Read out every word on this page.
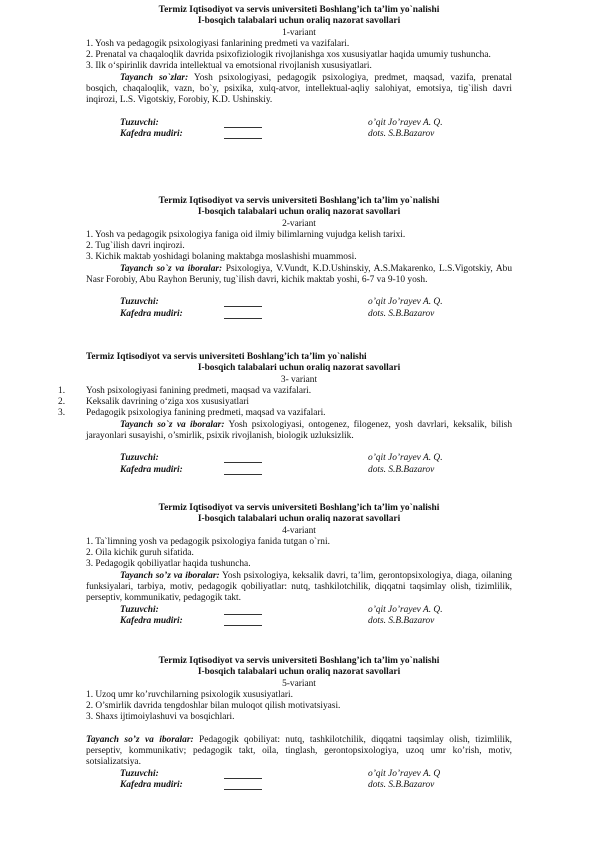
Termiz Iqtisodiyot va servis universiteti Boshlang’ich ta’lim yo`nalishi
I-bosqich talabalari uchun oraliq nazorat savollari
1-variant
1. Yosh va pedagogik psixologiyasi fanlarining predmeti va vazifalari.
2. Prenatal va chaqaloqlik davrida psixofiziologik rivojlanishga xos xususiyatlar haqida umumiy tushuncha.
3. Ilk o‘spirinlik davrida intellektual va emotsional rivojlanish xususiyatlari.
Tayanch so`zlar: Yosh psixologiyasi, pedagogik psixologiya, predmet, maqsad, vazifa, prenatal bosqich, chaqaloqlik, vazn, bo`y, psixika, xulq-atvor, intellektual-aqliy salohiyat, emotsiya, tig`ilish davri inqirozi, L.S. Vigotskiy, Forobiy, K.D. Ushinskiy.
Tuzuvchi:	o’qit Jo’rayev A. Q.
Kafedra mudiri:	dots. S.B.Bazarov
Termiz Iqtisodiyot va servis universiteti Boshlang’ich ta’lim yo`nalishi
I-bosqich talabalari uchun oraliq nazorat savollari
2-variant
1. Yosh va pedagogik psixologiya faniga oid ilmiy bilimlarning vujudga kelish tarixi.
2. Tug`ilish davri inqirozi.
3. Kichik maktab yoshidagi bolaning maktabga moslashishi muammosi.
Tayanch so`z va iboralar: Psixologiya, V.Vundt, K.D.Ushinskiy, A.S.Makarenko, L.S.Vigotskiy, Abu Nasr Forobiy, Abu Rayhon Beruniy, tug`ilish davri, kichik maktab yoshi, 6-7 va 9-10 yosh.
Tuzuvchi:	o’qit Jo’rayev A. Q.
Kafedra mudiri:	dots. S.B.Bazarov
Termiz Iqtisodiyot va servis universiteti Boshlang’ich ta’lim yo`nalishi
I-bosqich talabalari uchun oraliq nazorat savollari
3- variant
1. Yosh psixologiyasi fanining predmeti, maqsad va vazifalari.
2. Keksalik davrining o‘ziga xos xususiyatlari
3. Pedagogik psixologiya fanining predmeti, maqsad va vazifalari.
Tayanch so`z va iboralar: Yosh psixologiyasi, ontogenez, filogenez, yosh davrlari, keksalik, bilish jarayonlari susayishi, o’smirlik, psixik rivojlanish, biologik uzluksizlik.
Tuzuvchi:	o’qit Jo’rayev A. Q.
Kafedra mudiri:	dots. S.B.Bazarov
Termiz Iqtisodiyot va servis universiteti Boshlang’ich ta’lim yo`nalishi
I-bosqich talabalari uchun oraliq nazorat savollari
4-variant
1. Ta`limning yosh va pedagogik psixologiya fanida tutgan o`rni.
2. Oila kichik guruh sifatida.
3. Pedagogik qobiliyatlar haqida tushuncha.
Tayanch so’z va iboralar: Yosh psixologiya, keksalik davri, ta’lim, gerontopsixologiya, diaga, oilaning funksiyalari, tarbiya, motiv, pedagogik qobiliyatlar: nutq, tashkilotchilik, diqqatni taqsimlay olish, tizimlilik, perseptiv, kommunikativ, pedagogik takt.
Tuzuvchi:	o’qit Jo’rayev A. Q.
Kafedra mudiri:	dots. S.B.Bazarov
Termiz Iqtisodiyot va servis universiteti Boshlang’ich ta’lim yo`nalishi
I-bosqich talabalari uchun oraliq nazorat savollari
5-variant
1. Uzoq umr ko’ruvchilarning psixologik xususiyatlari.
2. O’smirlik davrida tengdoshlar bilan muloqot qilish motivatsiyasi.
3. Shaxs ijtimoiylashuvi va bosqichlari.
Tayanch so’z va iboralar: Pedagogik qobiliyat: nutq, tashkilotchilik, diqqatni taqsimlay olish, tizimlilik, perseptiv, kommunikativ; pedagogik takt, oila, tinglash, gerontopsixologiya, uzoq umr ko’rish, motiv, sotsializatsiya.
Tuzuvchi:	o’qit Jo’rayev A. Q
Kafedra mudiri:	dots. S.B.Bazarov
